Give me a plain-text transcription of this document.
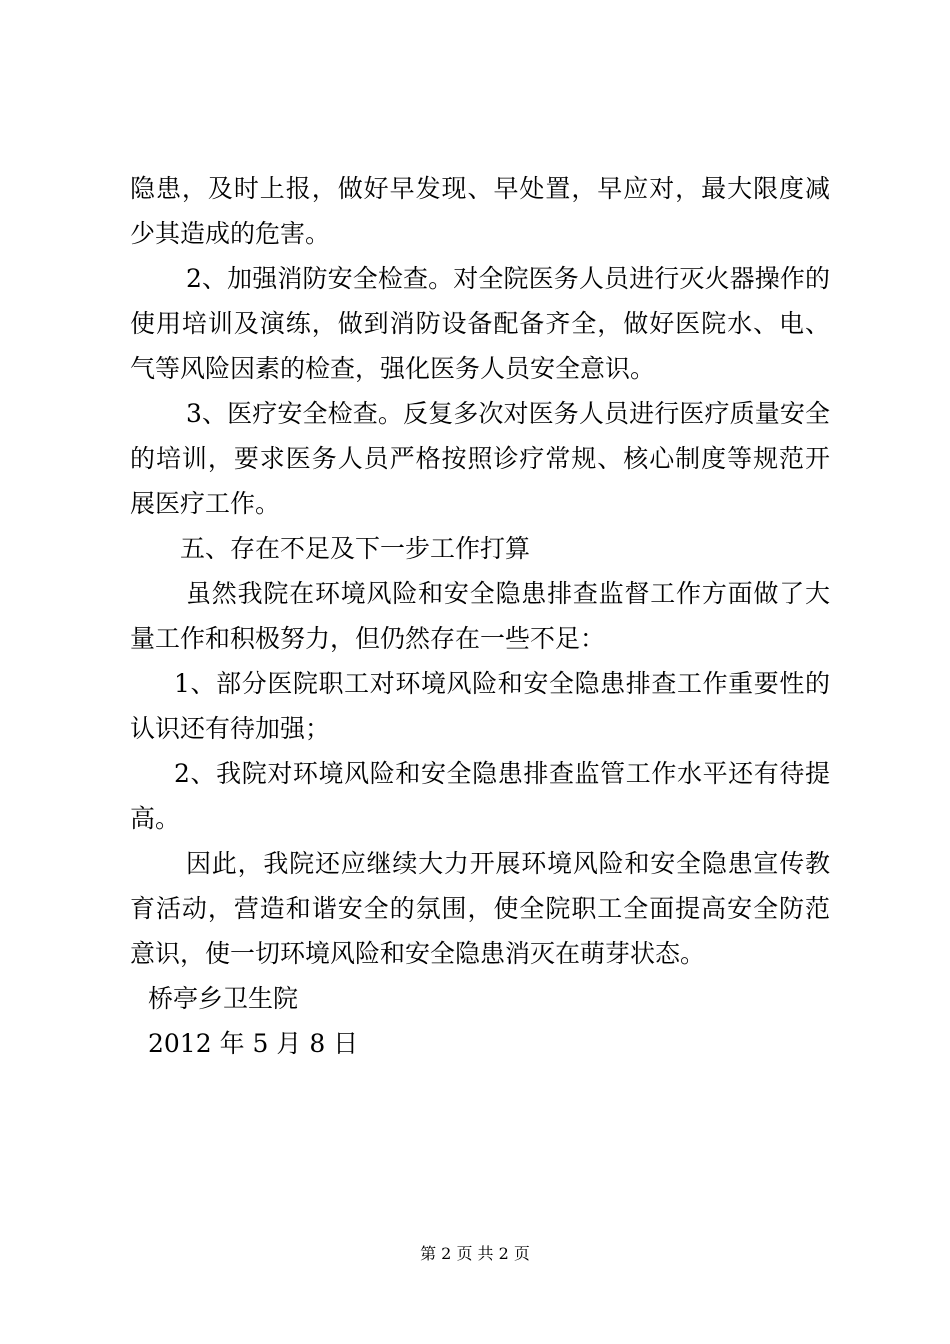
隐患，及时上报，做好早发现、早处置，早应对，最大限度减
少其造成的危害。
2、加强消防安全检查。对全院医务人员进行灭火器操作的
使用培训及演练，做到消防设备配备齐全，做好医院水、电、
气等风险因素的检查，强化医务人员安全意识。
3、医疗安全检查。反复多次对医务人员进行医疗质量安全
的培训，要求医务人员严格按照诊疗常规、核心制度等规范开
展医疗工作。
五、存在不足及下一步工作打算
虽然我院在环境风险和安全隐患排查监督工作方面做了大
量工作和积极努力，但仍然存在一些不足：
1、部分医院职工对环境风险和安全隐患排查工作重要性的
认识还有待加强；
2、我院对环境风险和安全隐患排查监管工作水平还有待提
高。
因此，我院还应继续大力开展环境风险和安全隐患宣传教
育活动，营造和谐安全的氛围，使全院职工全面提高安全防范
意识，使一切环境风险和安全隐患消灭在萌芽状态。
桥亭乡卫生院
2012 年 5 月 8 日
第 2 页 共 2 页
